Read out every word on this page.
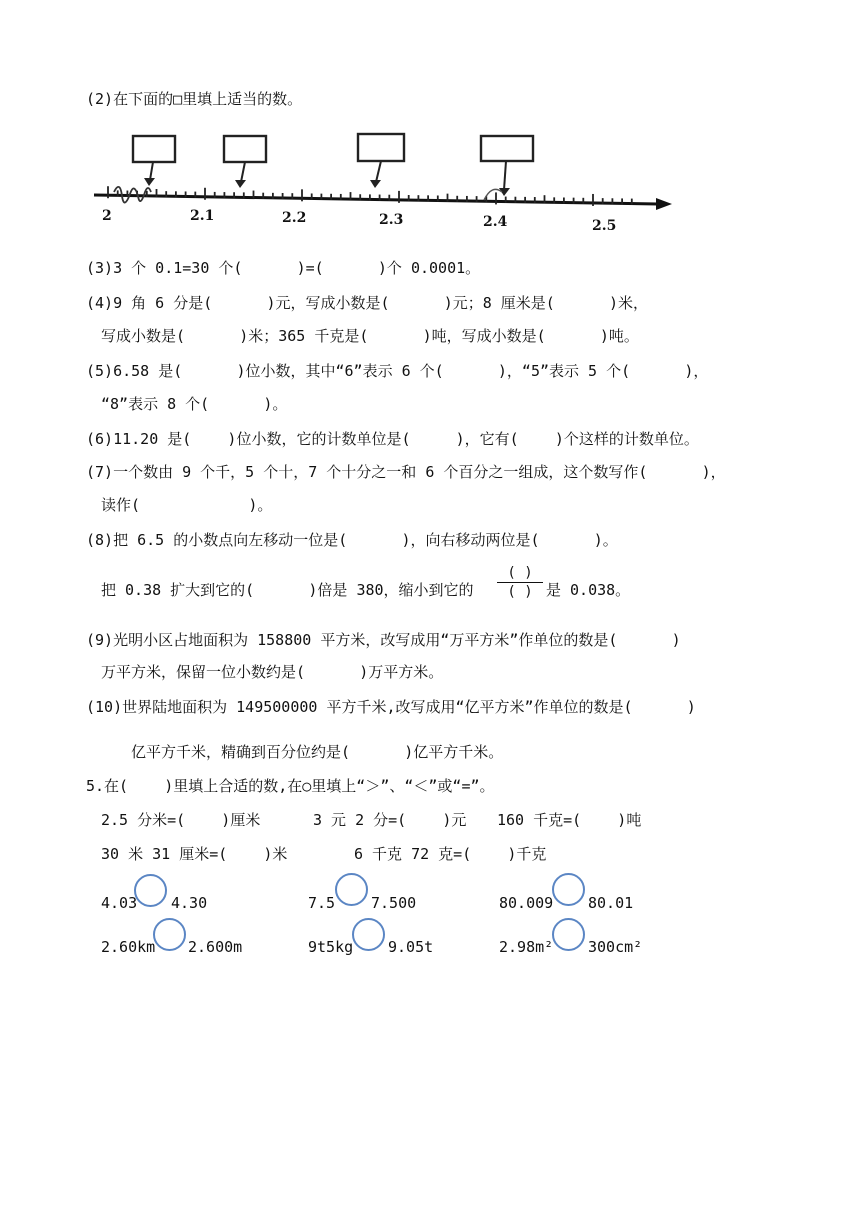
(2)在下面的□里填上适当的数。
2	2.1	2.2	2.3	2.4	2.5
(3)3 个 0.1=30 个(      )=(      )个 0.0001。
(4)9 角 6 分是(      )元，写成小数是(      )元；8 厘米是(      )米，
写成小数是(      )米；365 千克是(      )吨，写成小数是(      )吨。
(5)6.58 是(      )位小数，其中“6”表示 6 个(      )，“5”表示 5 个(      )，
“8”表示 8 个(      )。
(6)11.20 是(    )位小数，它的计数单位是(     )，它有(    )个这样的计数单位。
(7)一个数由 9 个千，5 个十，7 个十分之一和 6 个百分之一组成，这个数写作(      )，
读作(            )。
(8)把 6.5 的小数点向左移动一位是(      )，向右移动两位是(      )。
把 0.38 扩大到它的(      )倍是 380，缩小到它的
( )
( ) 是 0.038。
(9)光明小区占地面积为 158800 平方米，改写成用“万平方米”作单位的数是(      )
万平方米，保留一位小数约是(      )万平方米。
(10)世界陆地面积为 149500000 平方千米,改写成用“亿平方米”作单位的数是(      )
亿平方千米，精确到百分位约是(      )亿平方千米。
5.在(    )里填上合适的数,在○里填上“＞”、“＜”或“=”。
2.5 分米=(    )厘米	3 元 2 分=(    )元 160 千克=(    )吨
30 米 31 厘米=(    )米	6 千克 72 克=(    )千克
4.03 4.30	7.5 7.500	80.009 80.01
2.60km 2.600m	9t5kg 9.05t	2.98m² 300cm²
